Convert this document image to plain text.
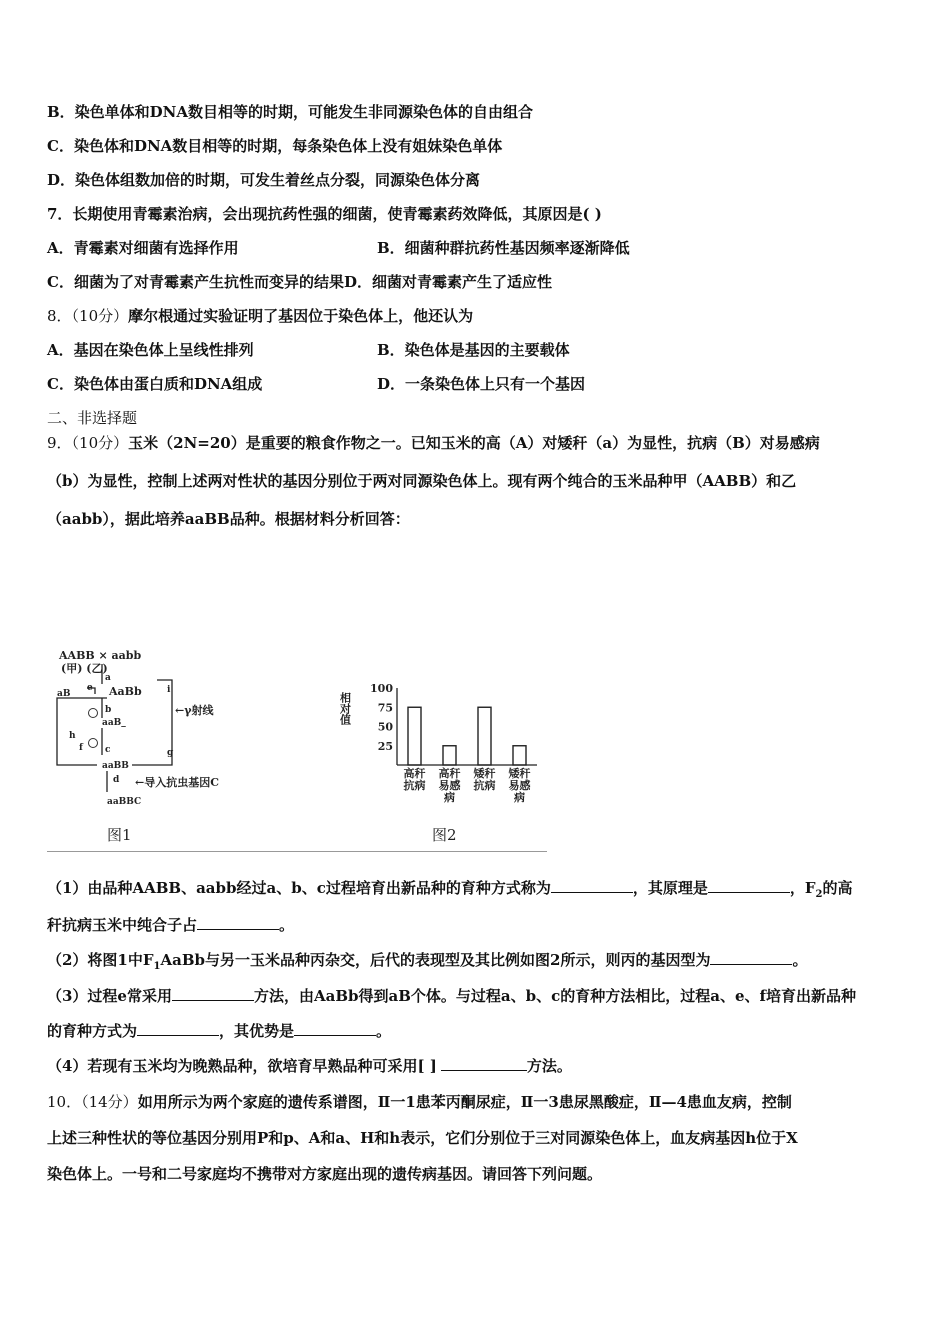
B．染色单体和DNA数目相等的时期，可能发生非同源染色体的自由组合
C．染色体和DNA数目相等的时期，每条染色体上没有姐妹染色单体
D．染色体组数加倍的时期，可发生着丝点分裂，同源染色体分离
7．长期使用青霉素治病，会出现抗药性强的细菌，使青霉素药效降低，其原因是( )
A．青霉素对细菌有选择作用	B．细菌种群抗药性基因频率逐渐降低
C．细菌为了对青霉素产生抗性而变异的结果D．细菌对青霉素产生了适应性
8．（10分）摩尔根通过实验证明了基因位于染色体上，他还认为
A．基因在染色体上呈线性排列	B．染色体是基因的主要载体
C．染色体由蛋白质和DNA组成	D．一条染色体上只有一个基因
二、非选择题
9．（10分）玉米（2N=20）是重要的粮食作物之一。已知玉米的高（A）对矮秆（a）为显性，抗病（B）对易感病
（b）为显性，控制上述两对性状的基因分别位于两对同源染色体上。现有两个纯合的玉米品种甲（AABB）和乙
（aabb），据此培养aaBB品种。根据材料分析回答：
AABB × aabb
(甲) (乙)
a
AaBb
aB
e
b
aaB_
c
f	g
aaBB
d
aaBBC
←γ射线
←导入抗虫基因C
h
i
图1
相对值
25
50
75
100
高秆抗病
高秆易感病
矮秆抗病
矮秆易感病
图2
（1）由品种AABB、aabb经过a、b、c过程培育出新品种的育种方式称为	，其原理是	，$F_2$的高
秆抗病玉米中纯合子占	。
（2）将图1中$F_1AaBb$与另一玉米品种丙杂交，后代的表现型及其比例如图2所示，则丙的基因型为	。
（3）过程e常采用	方法，由AaBb得到aB个体。与过程a、b、c的育种方法相比，过程a、e、f培育出新品种
的育种方式为	，其优势是	。
（4）若现有玉米均为晚熟品种，欲培育早熟品种可采用[ ]	方法。
10．（14分）如用所示为两个家庭的遗传系谱图，Ⅱ一1患苯丙酮尿症，Ⅱ一3患尿黑酸症，Ⅱ—4患血友病，控制
上述三种性状的等位基因分别用P和p、A和a、H和h表示，它们分别位于三对同源染色体上，血友病基因h位于X
染色体上。一号和二号家庭均不携带对方家庭出现的遗传病基因。请回答下列问题。
